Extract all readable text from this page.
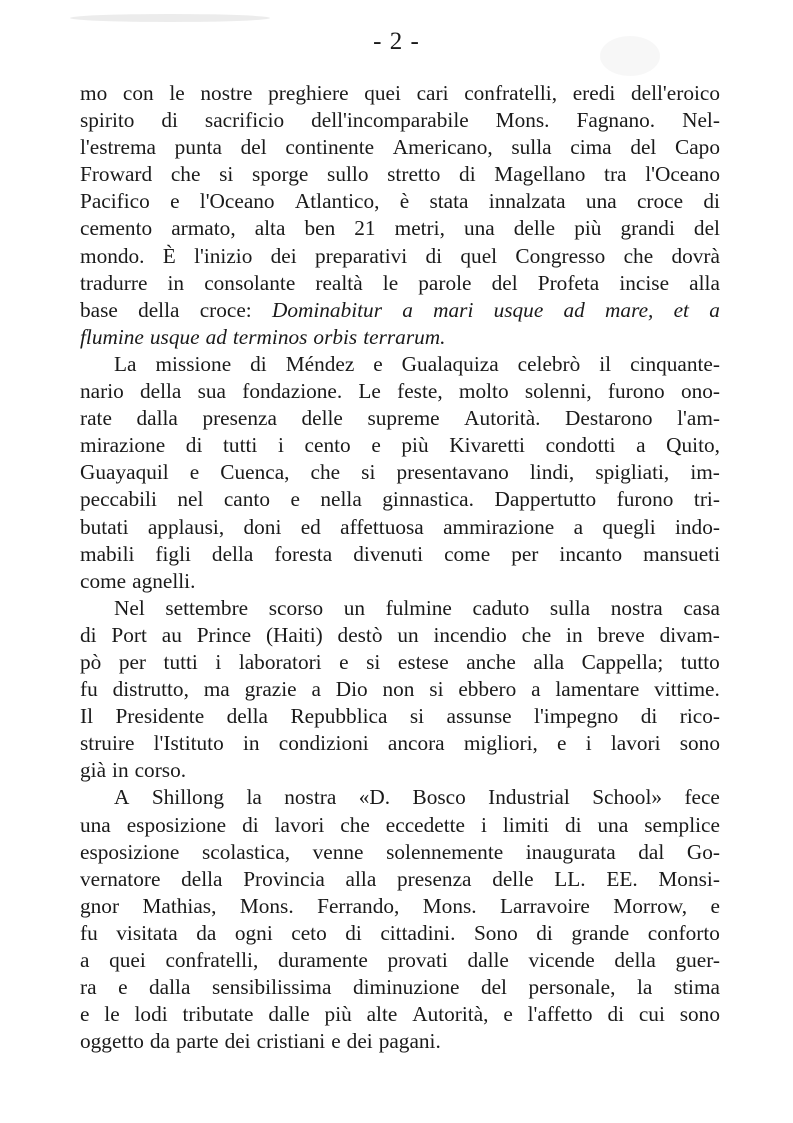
- 2 -
mo con le nostre preghiere quei cari confratelli, eredi dell'eroico
spirito di sacrificio dell'incomparabile Mons. Fagnano. Nel-
l'estrema punta del continente Americano, sulla cima del Capo
Froward che si sporge sullo stretto di Magellano tra l'Oceano
Pacifico e l'Oceano Atlantico, è stata innalzata una croce di
cemento armato, alta ben 21 metri, una delle più grandi del
mondo. È l'inizio dei preparativi di quel Congresso che dovrà
tradurre in consolante realtà le parole del Profeta incise alla
base della croce: Dominabitur a mari usque ad mare, et a
flumine usque ad terminos orbis terrarum.
La missione di Méndez e Gualaquiza celebrò il cinquante-
nario della sua fondazione. Le feste, molto solenni, furono ono-
rate dalla presenza delle supreme Autorità. Destarono l'am-
mirazione di tutti i cento e più Kivaretti condotti a Quito,
Guayaquil e Cuenca, che si presentavano lindi, spigliati, im-
peccabili nel canto e nella ginnastica. Dappertutto furono tri-
butati applausi, doni ed affettuosa ammirazione a quegli indo-
mabili figli della foresta divenuti come per incanto mansueti
come agnelli.
Nel settembre scorso un fulmine caduto sulla nostra casa
di Port au Prince (Haiti) destò un incendio che in breve divam-
pò per tutti i laboratori e si estese anche alla Cappella; tutto
fu distrutto, ma grazie a Dio non si ebbero a lamentare vittime.
Il Presidente della Repubblica si assunse l'impegno di rico-
struire l'Istituto in condizioni ancora migliori, e i lavori sono
già in corso.
A Shillong la nostra «D. Bosco Industrial School» fece
una esposizione di lavori che eccedette i limiti di una semplice
esposizione scolastica, venne solennemente inaugurata dal Go-
vernatore della Provincia alla presenza delle LL. EE. Monsi-
gnor Mathias, Mons. Ferrando, Mons. Larravoire Morrow, e
fu visitata da ogni ceto di cittadini. Sono di grande conforto
a quei confratelli, duramente provati dalle vicende della guer-
ra e dalla sensibilissima diminuzione del personale, la stima
e le lodi tributate dalle più alte Autorità, e l'affetto di cui sono
oggetto da parte dei cristiani e dei pagani.
